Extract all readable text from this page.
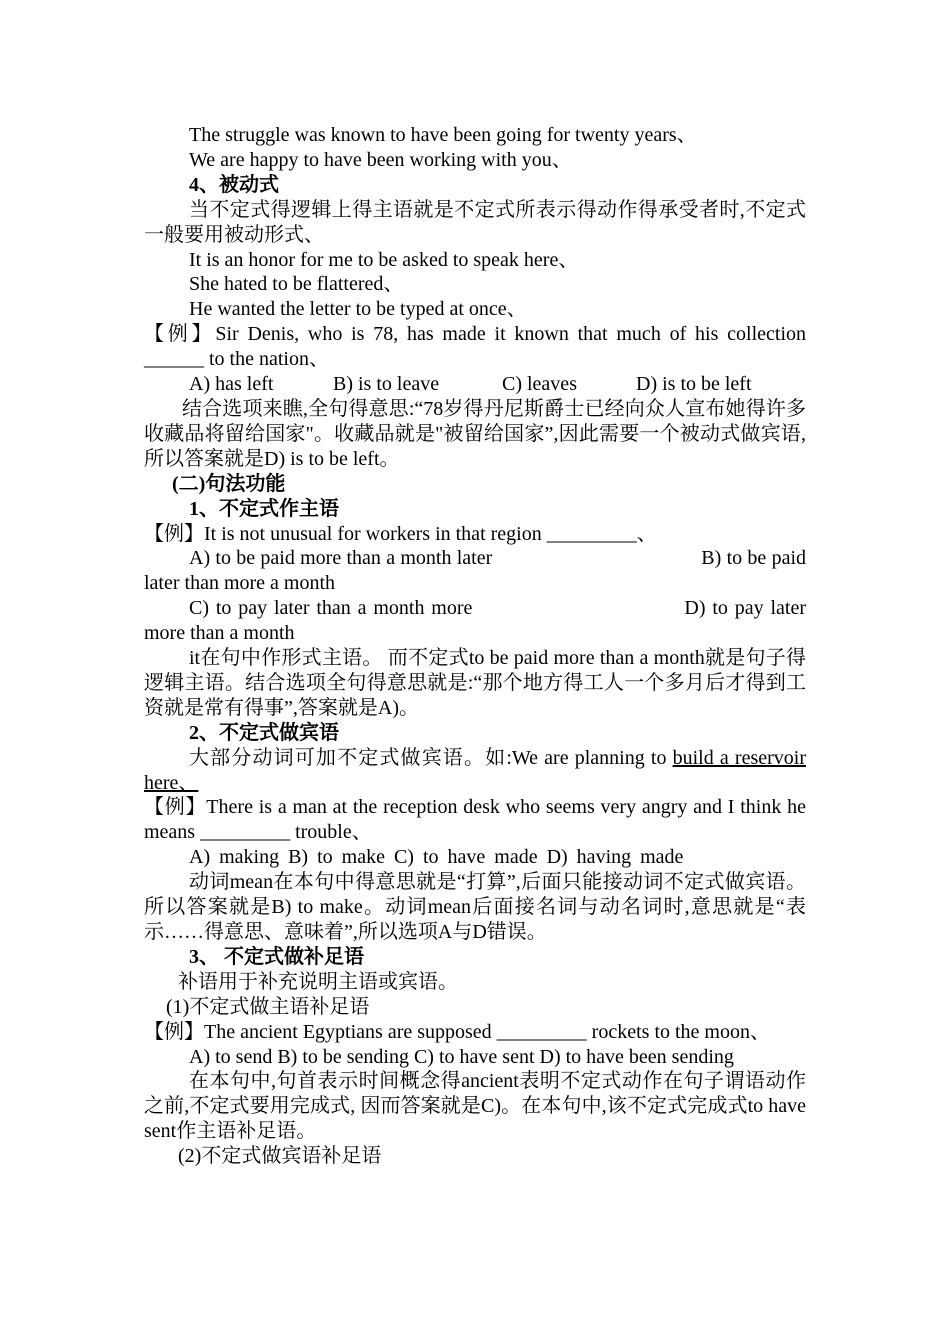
The struggle was known to have been going for twenty years、

We are happy to have been working with you、

4、被动式

当不定式得逻辑上得主语就是不定式所表示得动作得承受者时,不定式一般要用被动形式、

It is an honor for me to be asked to speak here、

She hated to be flattered、

He wanted the letter to be typed at once、

【例】Sir Denis, who is 78, has made it known that much of his collection ______ to the nation、

A) has left	B) is to leave	C) leaves	D) is to be left

结合选项来瞧,全句得意思:“78岁得丹尼斯爵士已经向众人宣布她得许多收藏品将留给国家"。收藏品就是"被留给国家”,因此需要一个被动式做宾语,所以答案就是D) is to be left。

(二)句法功能

1、不定式作主语

【例】It is not unusual for workers in that region _________、

A) to be paid more than a month later	B) to be paid later than more a month

C) to pay later than a month more	D) to pay later more than a month

it在句中作形式主语。 而不定式to be paid more than a month就是句子得逻辑主语。结合选项全句得意思就是:“那个地方得工人一个多月后才得到工资就是常有得事”,答案就是A)。

2、不定式做宾语

大部分动词可加不定式做宾语。如:We are planning to build a reservoir here、

【例】There is a man at the reception desk who seems very angry and I think he means _________ trouble、

A) making B) to make C) to have made D) having made

动词mean在本句中得意思就是“打算”,后面只能接动词不定式做宾语。所以答案就是B) to make。动词mean后面接名词与动名词时,意思就是“表示……得意思、意味着”,所以选项A与D错误。

3、 不定式做补足语

补语用于补充说明主语或宾语。

(1)不定式做主语补足语

【例】The ancient Egyptians are supposed _________ rockets to the moon、

A) to send B) to be sending C) to have sent D) to have been sending

在本句中,句首表示时间概念得ancient表明不定式动作在句子谓语动作之前,不定式要用完成式, 因而答案就是C)。在本句中,该不定式完成式to have sent作主语补足语。

(2)不定式做宾语补足语
